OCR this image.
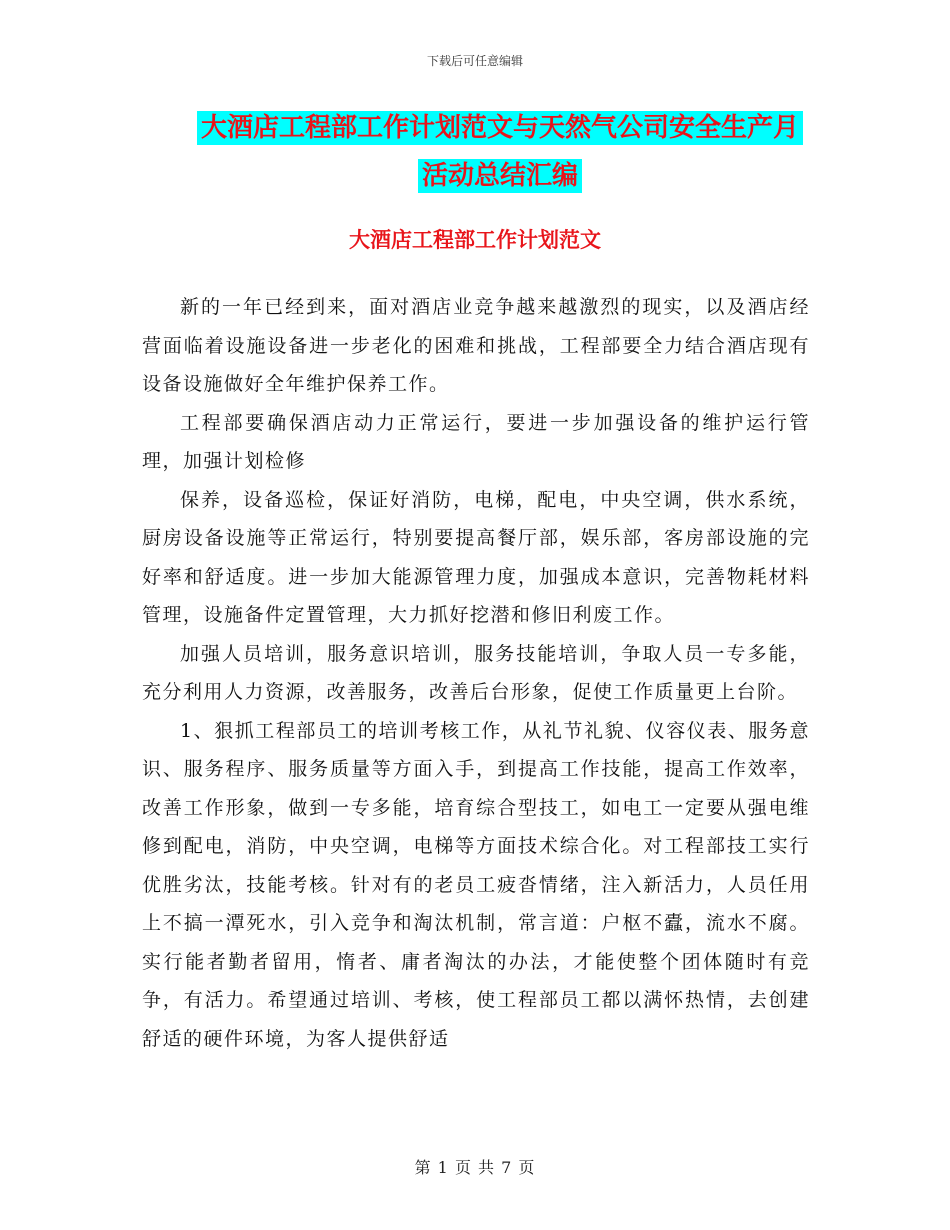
下载后可任意编辑
大酒店工程部工作计划范文与天然气公司安全生产月
活动总结汇编
大酒店工程部工作计划范文

新的一年已经到来，面对酒店业竞争越来越激烈的现实，以及酒店经营面临着设施设备进一步老化的困难和挑战，工程部要全力结合酒店现有设备设施做好全年维护保养工作。

工程部要确保酒店动力正常运行，要进一步加强设备的维护运行管理，加强计划检修

保养，设备巡检，保证好消防，电梯，配电，中央空调，供水系统，厨房设备设施等正常运行，特别要提高餐厅部，娱乐部，客房部设施的完好率和舒适度。进一步加大能源管理力度，加强成本意识，完善物耗材料管理，设施备件定置管理，大力抓好挖潜和修旧利废工作。

加强人员培训，服务意识培训，服务技能培训，争取人员一专多能，充分利用人力资源，改善服务，改善后台形象，促使工作质量更上台阶。

1、狠抓工程部员工的培训考核工作，从礼节礼貌、仪容仪表、服务意识、服务程序、服务质量等方面入手，到提高工作技能，提高工作效率，改善工作形象，做到一专多能，培育综合型技工，如电工一定要从强电维修到配电，消防，中央空调，电梯等方面技术综合化。对工程部技工实行优胜劣汰，技能考核。针对有的老员工疲沓情绪，注入新活力，人员任用上不搞一潭死水，引入竞争和淘汰机制，常言道：户枢不蠹，流水不腐。实行能者勤者留用，惰者、庸者淘汰的办法，才能使整个团体随时有竞争，有活力。希望通过培训、考核，使工程部员工都以满怀热情，去创建舒适的硬件环境，为客人提供舒适

第 1 页 共 7 页
